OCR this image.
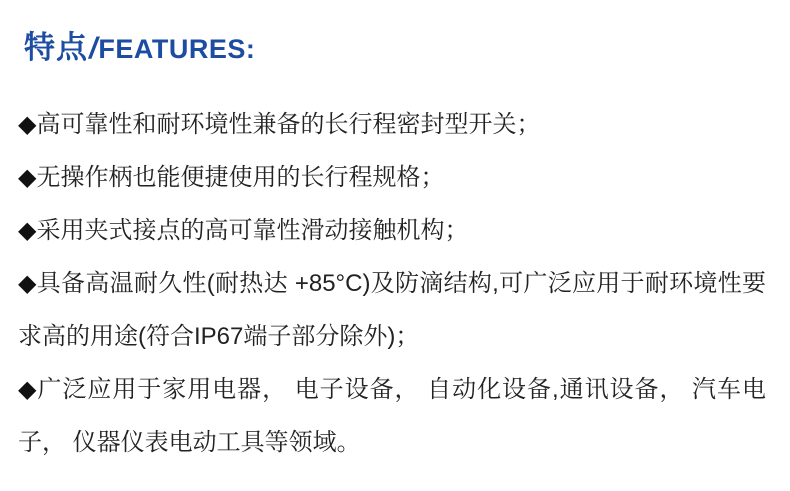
特点/FEATURES:

◆高可靠性和耐环境性兼备的长行程密封型开关；

◆无操作柄也能便捷使用的长行程规格；

◆采用夹式接点的高可靠性滑动接触机构；

◆具备高温耐久性(耐热达 +85°C)及防滴结构,可广泛应用于耐环境性要求高的用途(符合IP67端子部分除外)；

◆广泛应用于家用电器， 电子设备， 自动化设备,通讯设备， 汽车电子， 仪器仪表电动工具等领域。
